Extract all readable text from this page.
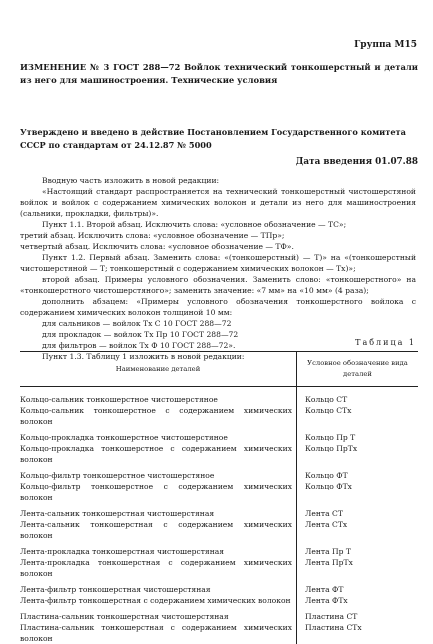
Группа М15
ИЗМЕНЕНИЕ № 3 ГОСТ 288—72 Войлок технический тонкошерстный и детали из него для машиностроения. Технические условия
Утверждено и введено в действие Постановлением Государственного комитета СССР по стандартам от 24.12.87 № 5000
Дата введения 01.07.88

Вводную часть изложить в новой редакции:

«Настоящий стандарт распространяется на технический тонкошерстный чистошерстяной войлок и войлок с содержанием химических волокон и детали из него для машиностроения (сальники, прокладки, фильтры)».

Пункт 1.1. Второй абзац. Исключить слова: «условное обозначение — ТС»;

третий абзац. Исключить слова: «условное обозначение — ТПр»;

четвертый абзац. Исключить слова: «условное обозначение — ТФ».

Пункт 1.2. Первый абзац. Заменить слова: «(тонкошерстный) — Т)» на «(тонкошерстный чистошерстяной — Т; тонкошерстный с содержанием химических волокон — Тх)»;

второй абзац. Примеры условного обозначения. Заменить слово: «тонкошерстного» на «тонкошерстного чистошерстяного»; заменить значение: «7 мм» на «10 мм» (4 раза);

дополнить абзацем: «Примеры условного обозначения тонкошерстного войлока с содержанием химических волокон толщиной 10 мм:

для сальников — войлок Тх С 10 ГОСТ 288—72

для прокладок — войлок Тх Пр 10 ГОСТ 288—72

для фильтров — войлок Тх Ф 10 ГОСТ 288—72».

Пункт 1.3. Таблицу 1 изложить в новой редакции:

Таблица 1
Наименование деталей	Условное обозначение вида деталей
Кольцо-сальник тонкошерстное чистошерстяное	Кольцо СТ
Кольцо-сальник тонкошерстное с содержанием химических волокон	Кольцо СТх
Кольцо-прокладка тонкошерстное чистошерстяное	Кольцо Пр Т
Кольцо-прокладка тонкошерстное с содержанием химических волокон	Кольцо ПрТх
Кольцо-фильтр тонкошерстное чистошерстяное	Кольцо ФТ
Кольцо-фильтр тонкошерстное с содержанием химических волокон	Кольцо ФТх
Лента-сальник тонкошерстная чистошерстяная	Лента СТ
Лента-сальник тонкошерстная с содержанием химических волокон	Лента СТх
Лента-прокладка тонкошерстная чистошерстяная	Лента Пр Т
Лента-прокладка тонкошерстная с содержанием химических волокон	Лента ПрТх
Лента-фильтр тонкошерстная чистошерстяная	Лента ФТ
Лента-фильтр тонкошерстная с содержанием химических волокон	Лента ФТх
Пластина-сальник тонкошерстная чистошерстяная	Пластина СТ
Пластина-сальник тонкошерстная с содержанием химических волокон	Пластина СТх
